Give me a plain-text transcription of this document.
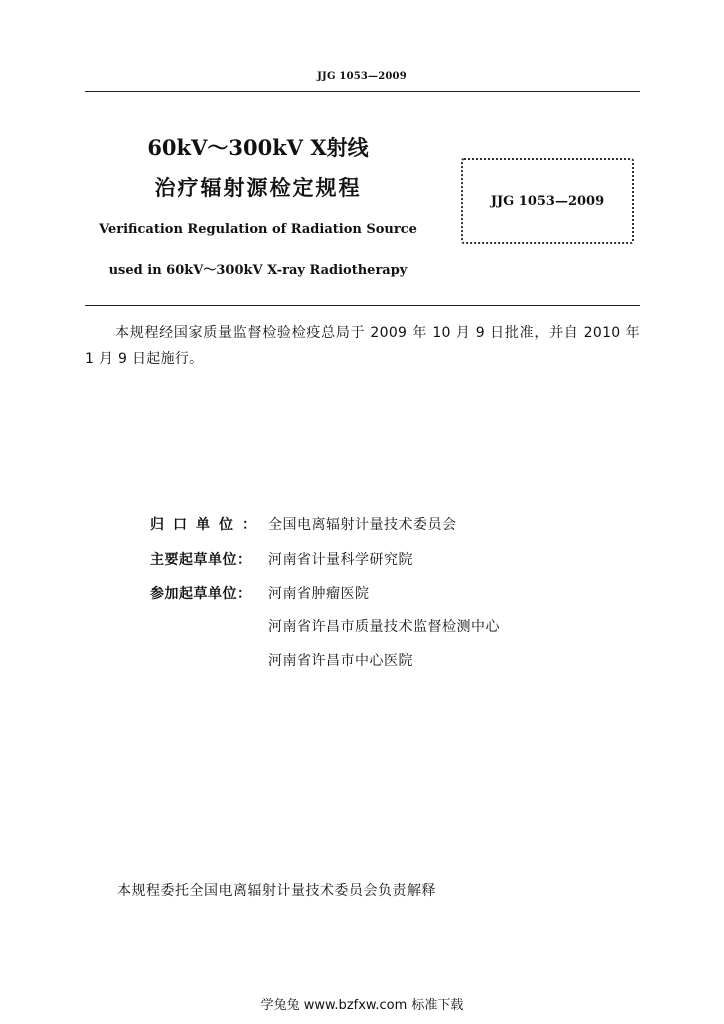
JJG 1053—2009
60kV～300kV X射线
治疗辐射源检定规程
Verification Regulation of Radiation Source
used in 60kV～300kV X-ray Radiotherapy
JJG 1053—2009
本规程经国家质量监督检验检疫总局于 2009 年 10 月 9 日批准，并自 2010 年 1 月 9 日起施行。
归口单位： 全国电离辐射计量技术委员会
主要起草单位： 河南省计量科学研究院
参加起草单位： 河南省肿瘤医院
河南省许昌市质量技术监督检测中心
河南省许昌市中心医院
本规程委托全国电离辐射计量技术委员会负责解释
学兔兔 www.bzfxw.com 标准下载
